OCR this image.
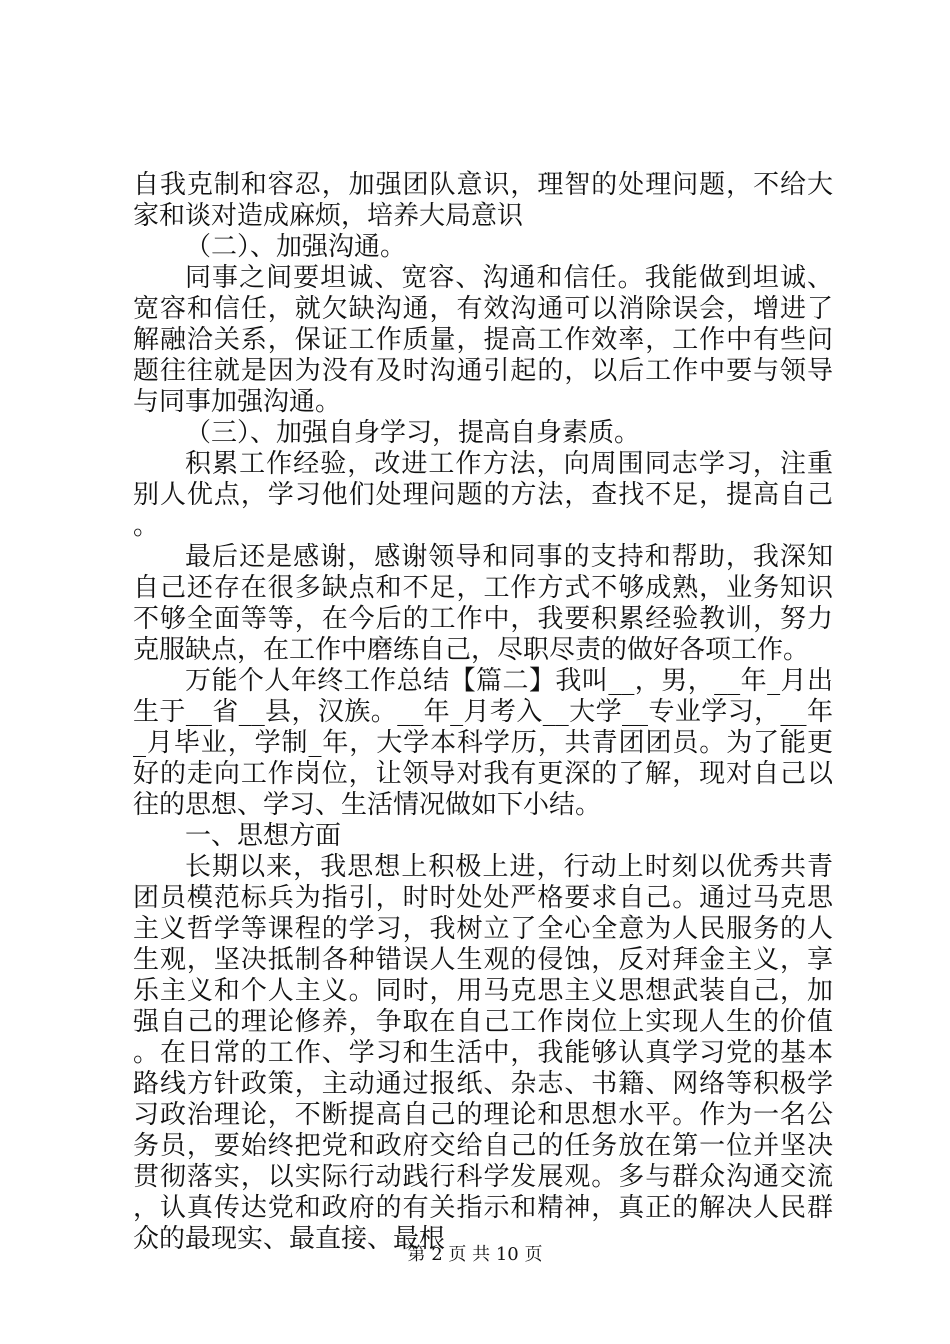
自我克制和容忍，加强团队意识，理智的处理问题，不给大家和谈对造成麻烦，培养大局意识

（二）、加强沟通。

同事之间要坦诚、宽容、沟通和信任。我能做到坦诚、宽容和信任，就欠缺沟通，有效沟通可以消除误会，增进了解融洽关系，保证工作质量，提高工作效率，工作中有些问题往往就是因为没有及时沟通引起的，以后工作中要与领导与同事加强沟通。

（三）、加强自身学习，提高自身素质。

积累工作经验，改进工作方法，向周围同志学习，注重别人优点，学习他们处理问题的方法，查找不足，提高自己。

最后还是感谢，感谢领导和同事的支持和帮助，我深知自己还存在很多缺点和不足，工作方式不够成熟，业务知识不够全面等等，在今后的工作中，我要积累经验教训，努力克服缺点，在工作中磨练自己，尽职尽责的做好各项工作。

万能个人年终工作总结【篇二】我叫__，男，__年_月出生于__省__县，汉族。__年_月考入__大学__专业学习，__年_月毕业，学制_年，大学本科学历，共青团团员。为了能更好的走向工作岗位，让领导对我有更深的了解，现对自己以往的思想、学习、生活情况做如下小结。

一、思想方面

长期以来，我思想上积极上进，行动上时刻以优秀共青团员模范标兵为指引，时时处处严格要求自己。通过马克思主义哲学等课程的学习，我树立了全心全意为人民服务的人生观，坚决抵制各种错误人生观的侵蚀，反对拜金主义，享乐主义和个人主义。同时，用马克思主义思想武装自己，加强自己的理论修养，争取在自己工作岗位上实现人生的价值。在日常的工作、学习和生活中，我能够认真学习党的基本路线方针政策，主动通过报纸、杂志、书籍、网络等积极学习政治理论，不断提高自己的理论和思想水平。作为一名公务员，要始终把党和政府交给自己的任务放在第一位并坚决贯彻落实，以实际行动践行科学发展观。多与群众沟通交流，认真传达党和政府的有关指示和精神，真正的解决人民群众的最现实、最直接、最根

第 2 页 共 10 页
